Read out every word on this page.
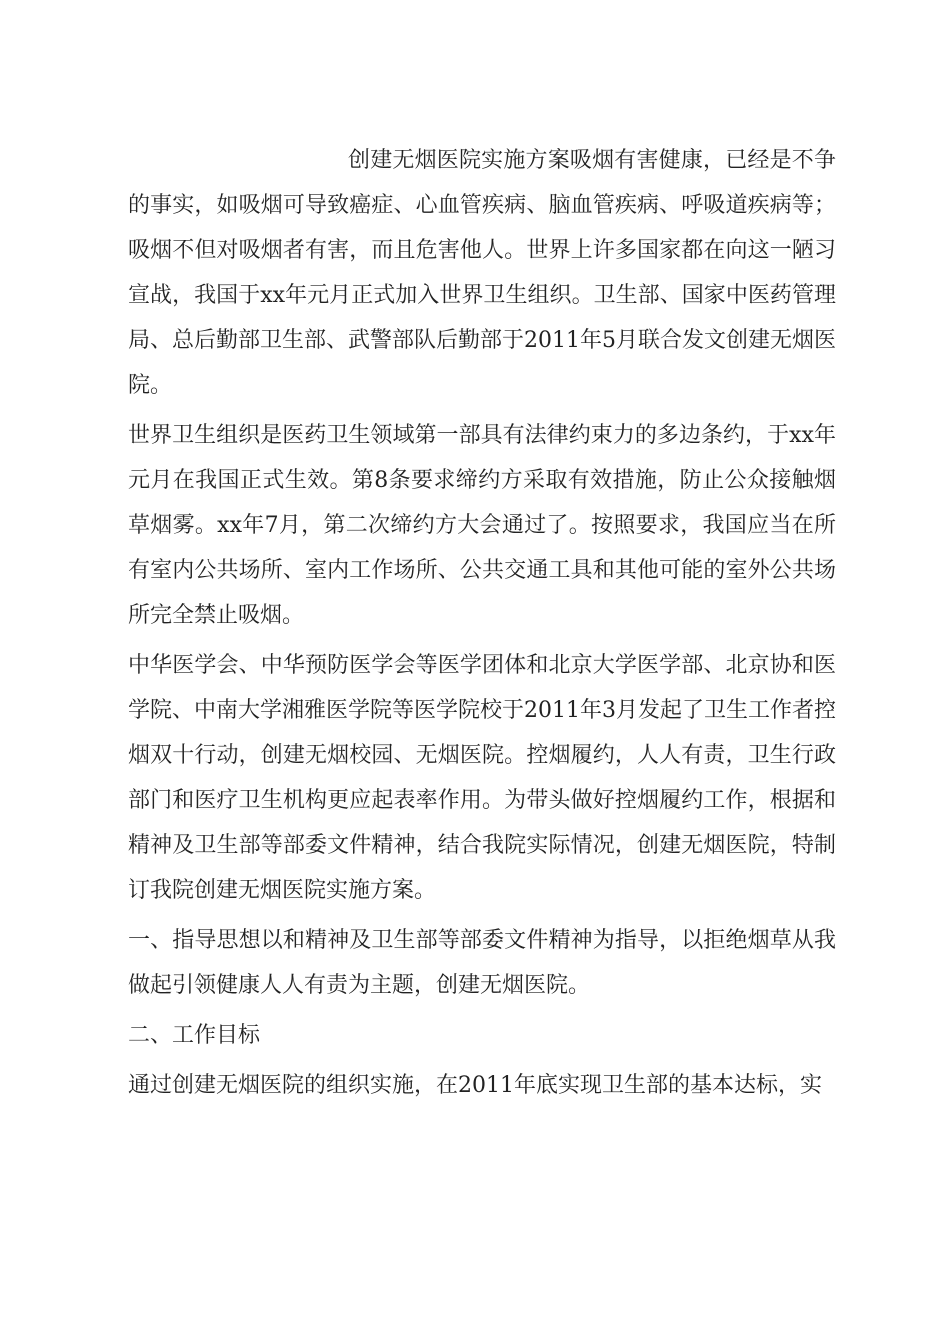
创建无烟医院实施方案吸烟有害健康，已经是不争的事实，如吸烟可导致癌症、心血管疾病、脑血管疾病、呼吸道疾病等；吸烟不但对吸烟者有害，而且危害他人。世界上许多国家都在向这一陋习宣战，我国于xx年元月正式加入世界卫生组织。卫生部、国家中医药管理局、总后勤部卫生部、武警部队后勤部于2011年5月联合发文创建无烟医院。

世界卫生组织是医药卫生领域第一部具有法律约束力的多边条约，于xx年元月在我国正式生效。第8条要求缔约方采取有效措施，防止公众接触烟草烟雾。xx年7月，第二次缔约方大会通过了。按照要求，我国应当在所有室内公共场所、室内工作场所、公共交通工具和其他可能的室外公共场所完全禁止吸烟。

中华医学会、中华预防医学会等医学团体和北京大学医学部、北京协和医学院、中南大学湘雅医学院等医学院校于2011年3月发起了卫生工作者控烟双十行动，创建无烟校园、无烟医院。控烟履约，人人有责，卫生行政部门和医疗卫生机构更应起表率作用。为带头做好控烟履约工作，根据和精神及卫生部等部委文件精神，结合我院实际情况，创建无烟医院，特制订我院创建无烟医院实施方案。

一、指导思想以和精神及卫生部等部委文件精神为指导，以拒绝烟草从我做起引领健康人人有责为主题，创建无烟医院。

二、工作目标

通过创建无烟医院的组织实施，在2011年底实现卫生部的基本达标，实
